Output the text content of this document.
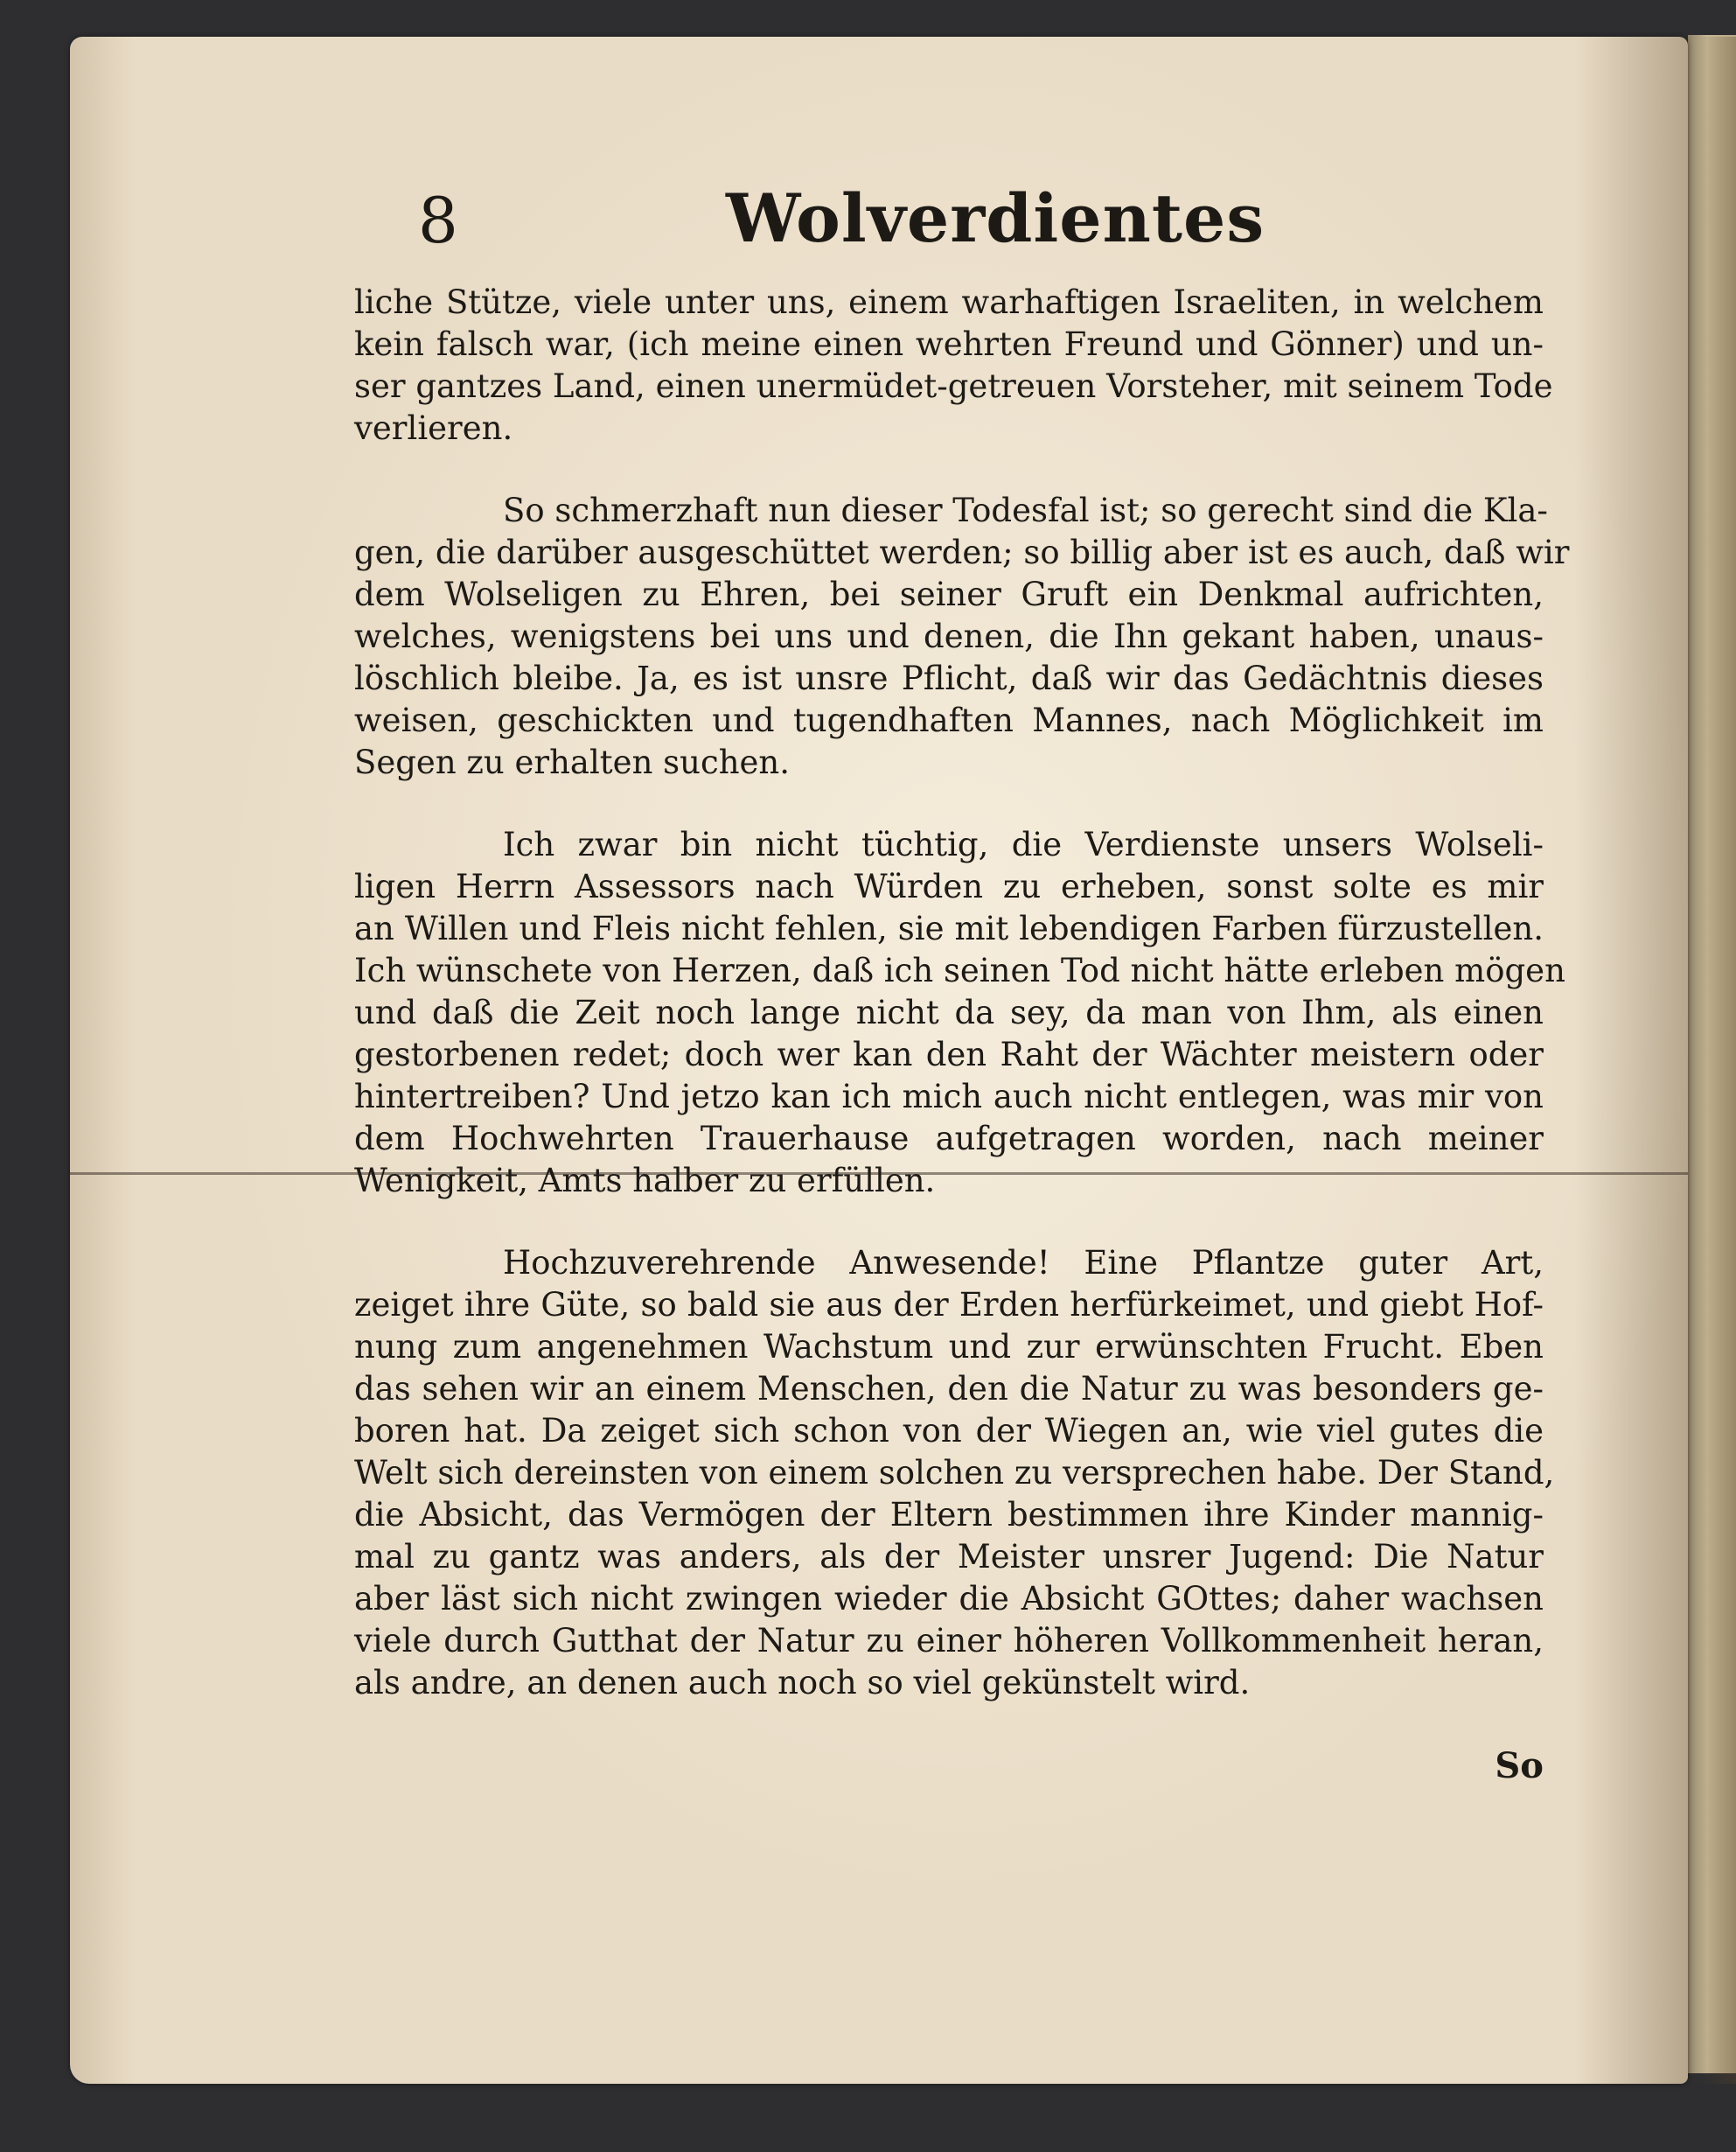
8	Wolverdientes
liche Stütze, viele unter uns, einem warhaftigen Israeliten, in welchem
kein falsch war, (ich meine einen wehrten Freund und Gönner) und un-
ser gantzes Land, einen unermüdet-getreuen Vorsteher, mit seinem Tode
verlieren.
So schmerzhaft nun dieser Todesfal ist; so gerecht sind die Kla-
gen, die darüber ausgeschüttet werden; so billig aber ist es auch, daß wir
dem Wolseligen zu Ehren, bei seiner Gruft ein Denkmal aufrichten,
welches, wenigstens bei uns und denen, die Ihn gekant haben, unaus-
löschlich bleibe. Ja, es ist unsre Pflicht, daß wir das Gedächtnis dieses
weisen, geschickten und tugendhaften Mannes, nach Möglichkeit im
Segen zu erhalten suchen.
Ich zwar bin nicht tüchtig, die Verdienste unsers Wolseli-
ligen Herrn Assessors nach Würden zu erheben, sonst solte es mir
an Willen und Fleis nicht fehlen, sie mit lebendigen Farben fürzustellen.
Ich wünschete von Herzen, daß ich seinen Tod nicht hätte erleben mögen
und daß die Zeit noch lange nicht da sey, da man von Ihm, als einen
gestorbenen redet; doch wer kan den Raht der Wächter meistern oder
hintertreiben? Und jetzo kan ich mich auch nicht entlegen, was mir von
dem Hochwehrten Trauerhause aufgetragen worden, nach meiner
Wenigkeit, Amts halber zu erfüllen.
Hochzuverehrende Anwesende! Eine Pflantze guter Art,
zeiget ihre Güte, so bald sie aus der Erden herfürkeimet, und giebt Hof-
nung zum angenehmen Wachstum und zur erwünschten Frucht. Eben
das sehen wir an einem Menschen, den die Natur zu was besonders ge-
boren hat. Da zeiget sich schon von der Wiegen an, wie viel gutes die
Welt sich dereinsten von einem solchen zu versprechen habe. Der Stand,
die Absicht, das Vermögen der Eltern bestimmen ihre Kinder mannig-
mal zu gantz was anders, als der Meister unsrer Jugend: Die Natur
aber läst sich nicht zwingen wieder die Absicht GOttes; daher wachsen
viele durch Gutthat der Natur zu einer höheren Vollkommenheit heran,
als andre, an denen auch noch so viel gekünstelt wird.
So
